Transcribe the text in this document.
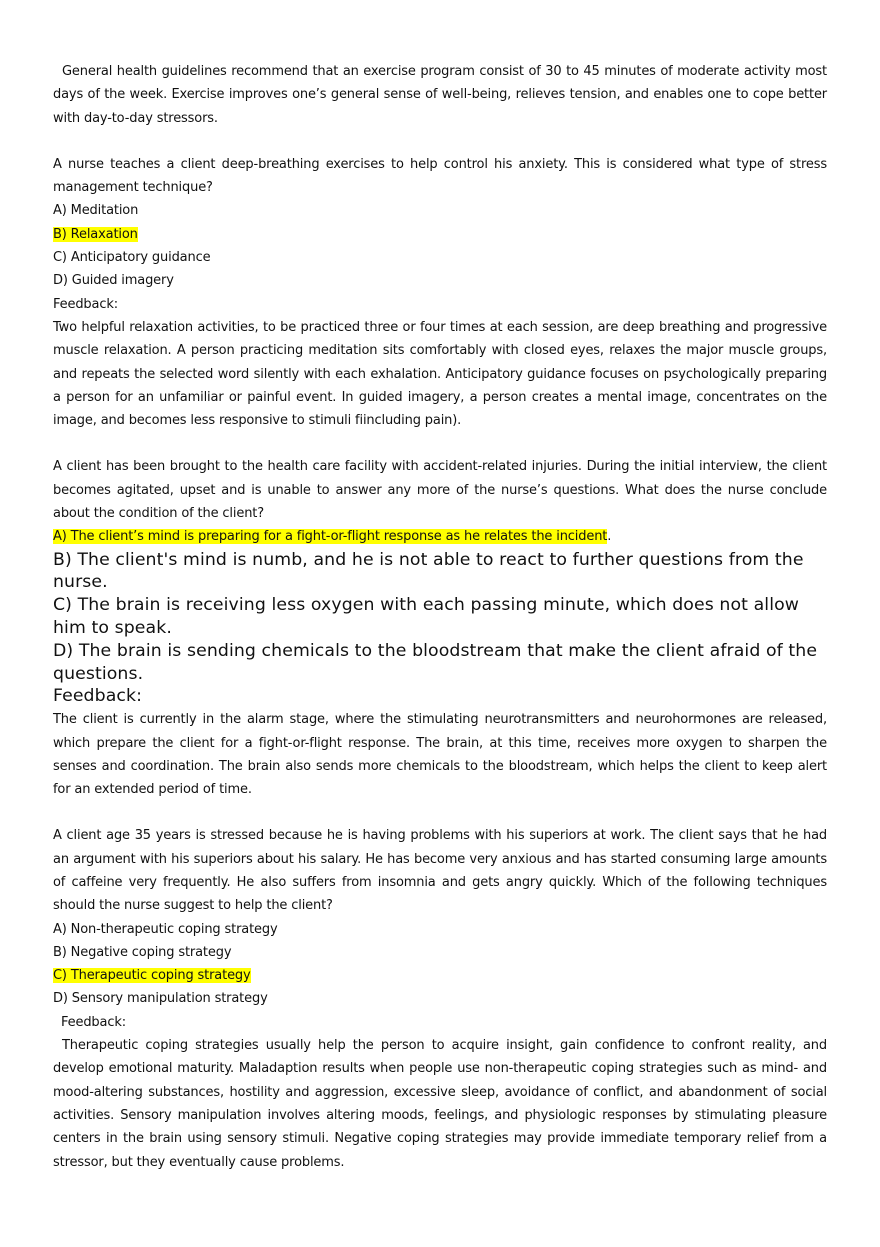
General health guidelines recommend that an exercise program consist of 30 to 45 minutes of moderate activity most days of the week. Exercise improves one’s general sense of well-being, relieves tension, and enables one to cope better with day-to-day stressors.

A nurse teaches a client deep-breathing exercises to help control his anxiety. This is considered what type of stress management technique?

A) Meditation

B) Relaxation

C) Anticipatory guidance

D) Guided imagery

Feedback:

Two helpful relaxation activities, to be practiced three or four times at each session, are deep breathing and progressive muscle relaxation. A person practicing meditation sits comfortably with closed eyes, relaxes the major muscle groups, and repeats the selected word silently with each exhalation. Anticipatory guidance focuses on psychologically preparing a person for an unfamiliar or painful event. In guided imagery, a person creates a mental image, concentrates on the image, and becomes less responsive to stimuli fiincluding pain).

A client has been brought to the health care facility with accident-related injuries. During the initial interview, the client becomes agitated, upset and is unable to answer any more of the nurse’s questions. What does the nurse conclude about the condition of the client?

A) The client’s mind is preparing for a fight-or-flight response as he relates the incident.

B) The client's mind is numb, and he is not able to react to further questions from the nurse.

C) The brain is receiving less oxygen with each passing minute, which does not allow him to speak.

D) The brain is sending chemicals to the bloodstream that make the client afraid of the questions.

Feedback:

The client is currently in the alarm stage, where the stimulating neurotransmitters and neurohormones are released, which prepare the client for a fight-or-flight response. The brain, at this time, receives more oxygen to sharpen the senses and coordination. The brain also sends more chemicals to the bloodstream, which helps the client to keep alert for an extended period of time.

A client age 35 years is stressed because he is having problems with his superiors at work. The client says that he had an argument with his superiors about his salary. He has become very anxious and has started consuming large amounts of caffeine very frequently. He also suffers from insomnia and gets angry quickly. Which of the following techniques should the nurse suggest to help the client?

A) Non-therapeutic coping strategy

B) Negative coping strategy

C) Therapeutic coping strategy

D) Sensory manipulation strategy

Feedback:

Therapeutic coping strategies usually help the person to acquire insight, gain confidence to confront reality, and develop emotional maturity. Maladaption results when people use non-therapeutic coping strategies such as mind- and mood-altering substances, hostility and aggression, excessive sleep, avoidance of conflict, and abandonment of social activities. Sensory manipulation involves altering moods, feelings, and physiologic responses by stimulating pleasure centers in the brain using sensory stimuli. Negative coping strategies may provide immediate temporary relief from a stressor, but they eventually cause problems.
